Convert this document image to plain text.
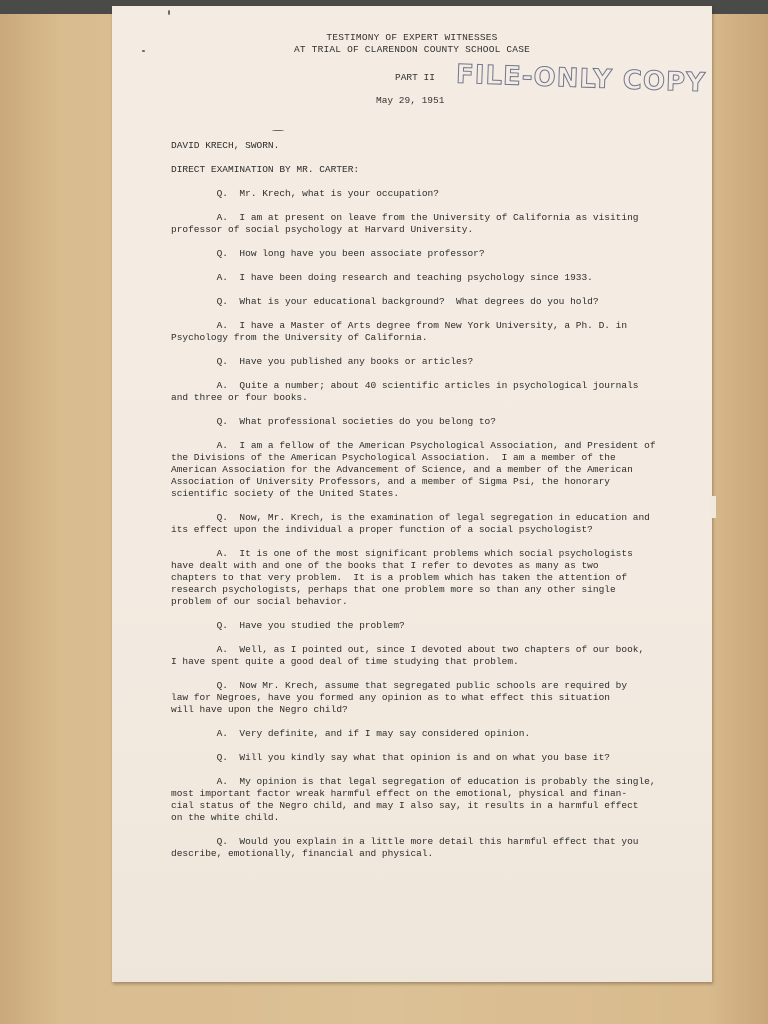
TESTIMONY OF EXPERT WITNESSES
AT TRIAL OF CLARENDON COUNTY SCHOOL CASE
PART II FILE-ONLY COPY
May 29, 1951

DAVID KRECH, SWORN.

DIRECT EXAMINATION BY MR. CARTER:

Q.  Mr. Krech, what is your occupation?

A.  I am at present on leave from the University of California as visiting
professor of social psychology at Harvard University.

Q.  How long have you been associate professor?

A.  I have been doing research and teaching psychology since 1933.

Q.  What is your educational background?  What degrees do you hold?

A.  I have a Master of Arts degree from New York University, a Ph. D. in
Psychology from the University of California.

Q.  Have you published any books or articles?

A.  Quite a number; about 40 scientific articles in psychological journals
and three or four books.

Q.  What professional societies do you belong to?

A.  I am a fellow of the American Psychological Association, and President of
the Divisions of the American Psychological Association.  I am a member of the
American Association for the Advancement of Science, and a member of the American
Association of University Professors, and a member of Sigma Psi, the honorary
scientific society of the United States.

Q.  Now, Mr. Krech, is the examination of legal segregation in education and
its effect upon the individual a proper function of a social psychologist?

A.  It is one of the most significant problems which social psychologists
have dealt with and one of the books that I refer to devotes as many as two
chapters to that very problem.  It is a problem which has taken the attention of
research psychologists, perhaps that one problem more so than any other single
problem of our social behavior.

Q.  Have you studied the problem?

A.  Well, as I pointed out, since I devoted about two chapters of our book,
I have spent quite a good deal of time studying that problem.

Q.  Now Mr. Krech, assume that segregated public schools are required by
law for Negroes, have you formed any opinion as to what effect this situation
will have upon the Negro child?

A.  Very definite, and if I may say considered opinion.

Q.  Will you kindly say what that opinion is and on what you base it?

A.  My opinion is that legal segregation of education is probably the single,
most important factor wreak harmful effect on the emotional, physical and finan-
cial status of the Negro child, and may I also say, it results in a harmful effect
on the white child.

Q.  Would you explain in a little more detail this harmful effect that you
describe, emotionally, financial and physical.
